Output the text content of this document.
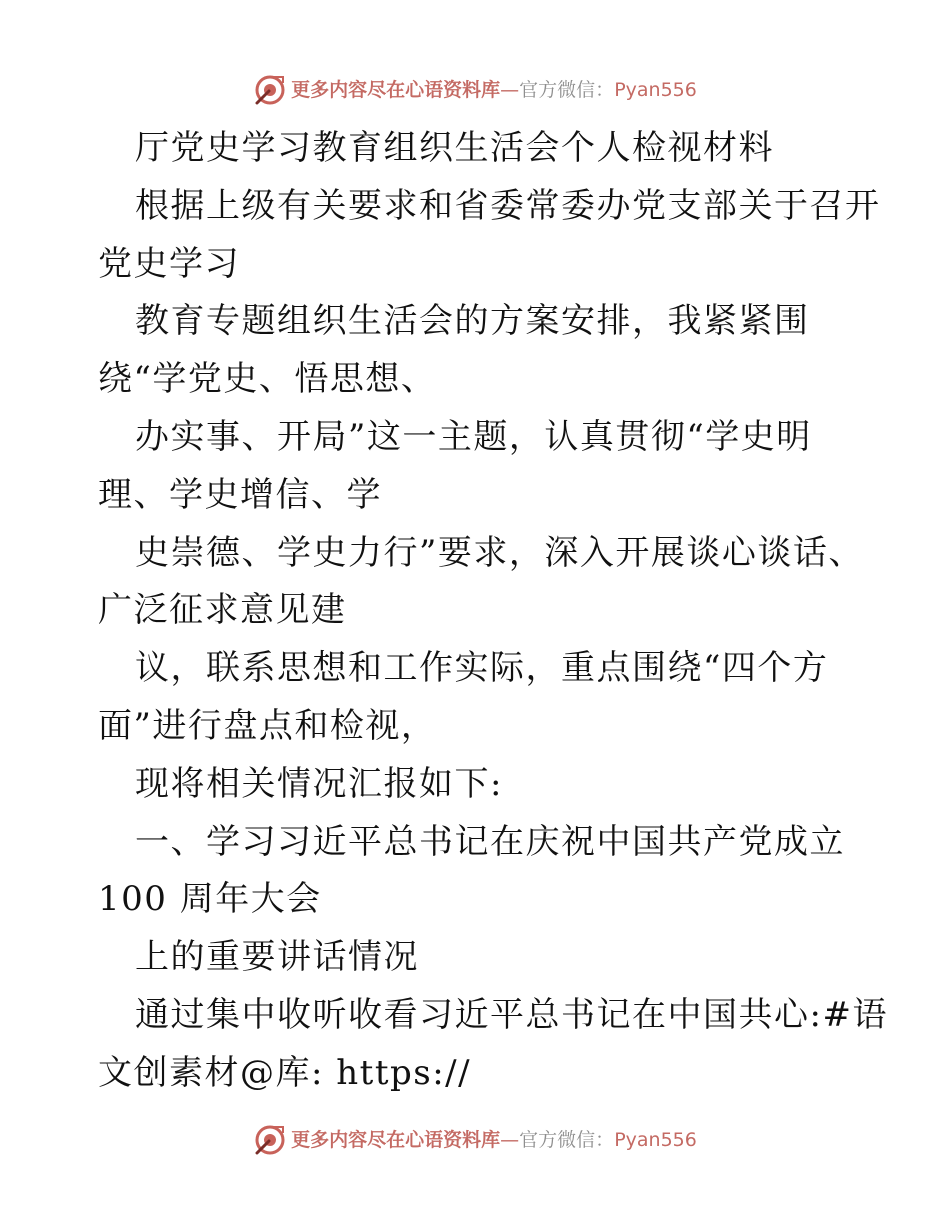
更多内容尽在心语资料库—官方微信：Pyan556
厅党史学习教育组织生活会个人检视材料
根据上级有关要求和省委常委办党支部关于召开
党史学习
教育专题组织生活会的方案安排，我紧紧围
绕“学党史、悟思想、
办实事、开局”这一主题，认真贯彻“学史明
理、学史增信、学
史崇德、学史力行”要求，深入开展谈心谈话、
广泛征求意见建
议，联系思想和工作实际，重点围绕“四个方
面”进行盘点和检视，
现将相关情况汇报如下:
一、学习习近平总书记在庆祝中国共产党成立
100 周年大会
上的重要讲话情况
通过集中收听收看习近平总书记在中国共心:#语
文创素材@库: https://
更多内容尽在心语资料库—官方微信：Pyan556
